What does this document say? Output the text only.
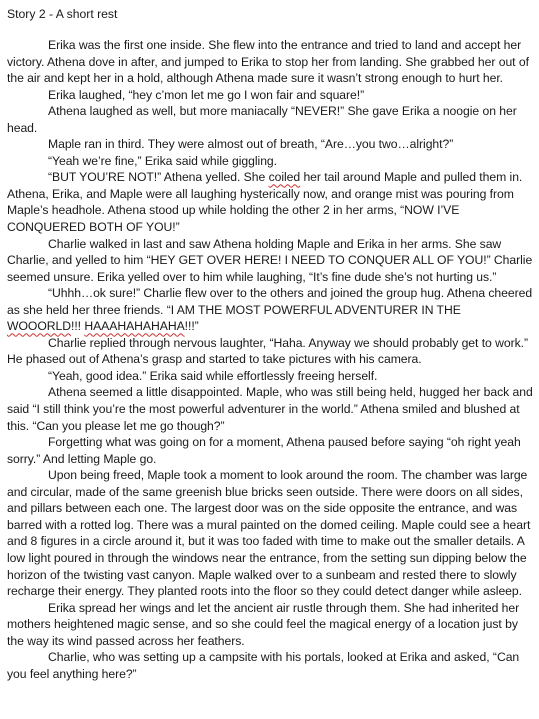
Story 2 - A short rest

Erika was the first one inside. She flew into the entrance and tried to land and accept her victory. Athena dove in after, and jumped to Erika to stop her from landing. She grabbed her out of the air and kept her in a hold, although Athena made sure it wasn’t strong enough to hurt her.

Erika laughed, “hey c’mon let me go I won fair and square!”

Athena laughed as well, but more maniacally “NEVER!” She gave Erika a noogie on her head.

Maple ran in third. They were almost out of breath, “Are…you two…alright?”

“Yeah we’re fine,” Erika said while giggling.

“BUT YOU’RE NOT!” Athena yelled. She coiled her tail around Maple and pulled them in. Athena, Erika, and Maple were all laughing hysterically now, and orange mist was pouring from Maple’s headhole. Athena stood up while holding the other 2 in her arms, “NOW I’VE CONQUERED BOTH OF YOU!”

Charlie walked in last and saw Athena holding Maple and Erika in her arms. She saw Charlie, and yelled to him “HEY GET OVER HERE! I NEED TO CONQUER ALL OF YOU!” Charlie seemed unsure. Erika yelled over to him while laughing, “It’s fine dude she’s not hurting us.”

“Uhhh…ok sure!” Charlie flew over to the others and joined the group hug. Athena cheered as she held her three friends. “I AM THE MOST POWERFUL ADVENTURER IN THE WOOORLD!!! HAAAHAHAHAHA!!!”

Charlie replied through nervous laughter, “Haha. Anyway we should probably get to work.” He phased out of Athena’s grasp and started to take pictures with his camera.

“Yeah, good idea.” Erika said while effortlessly freeing herself.

Athena seemed a little disappointed. Maple, who was still being held, hugged her back and said “I still think you’re the most powerful adventurer in the world.” Athena smiled and blushed at this. “Can you please let me go though?”

Forgetting what was going on for a moment, Athena paused before saying “oh right yeah sorry.” And letting Maple go.

Upon being freed, Maple took a moment to look around the room. The chamber was large and circular, made of the same greenish blue bricks seen outside. There were doors on all sides, and pillars between each one. The largest door was on the side opposite the entrance, and was barred with a rotted log. There was a mural painted on the domed ceiling. Maple could see a heart and 8 figures in a circle around it, but it was too faded with time to make out the smaller details. A low light poured in through the windows near the entrance, from the setting sun dipping below the horizon of the twisting vast canyon. Maple walked over to a sunbeam and rested there to slowly recharge their energy. They planted roots into the floor so they could detect danger while asleep.

Erika spread her wings and let the ancient air rustle through them. She had inherited her mothers heightened magic sense, and so she could feel the magical energy of a location just by the way its wind passed across her feathers.

Charlie, who was setting up a campsite with his portals, looked at Erika and asked, “Can you feel anything here?”
